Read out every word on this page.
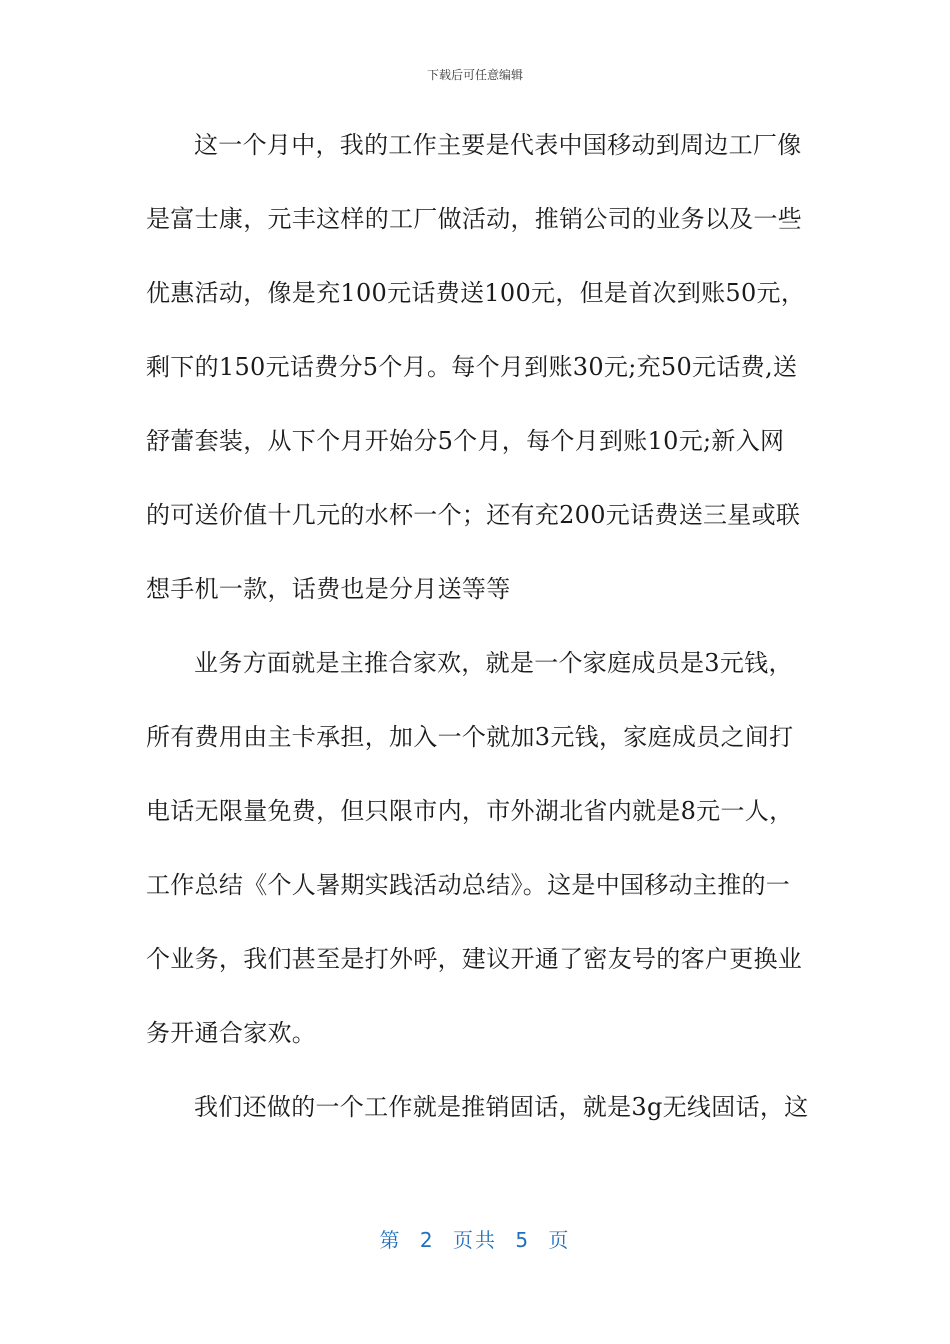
下载后可任意编辑
这一个月中，我的工作主要是代表中国移动到周边工厂像
是富士康，元丰这样的工厂做活动，推销公司的业务以及一些
优惠活动，像是充100元话费送100元，但是首次到账50元，
剩下的150元话费分5个月。每个月到账30元;充50元话费,送
舒蕾套装，从下个月开始分5个月，每个月到账10元;新入网
的可送价值十几元的水杯一个；还有充200元话费送三星或联
想手机一款，话费也是分月送等等
业务方面就是主推合家欢，就是一个家庭成员是3元钱，
所有费用由主卡承担，加入一个就加3元钱，家庭成员之间打
电话无限量免费，但只限市内，市外湖北省内就是8元一人，
工作总结《个人暑期实践活动总结》。这是中国移动主推的一
个业务，我们甚至是打外呼，建议开通了密友号的客户更换业
务开通合家欢。
我们还做的一个工作就是推销固话，就是3g无线固话，这
第 2 页共 5 页
